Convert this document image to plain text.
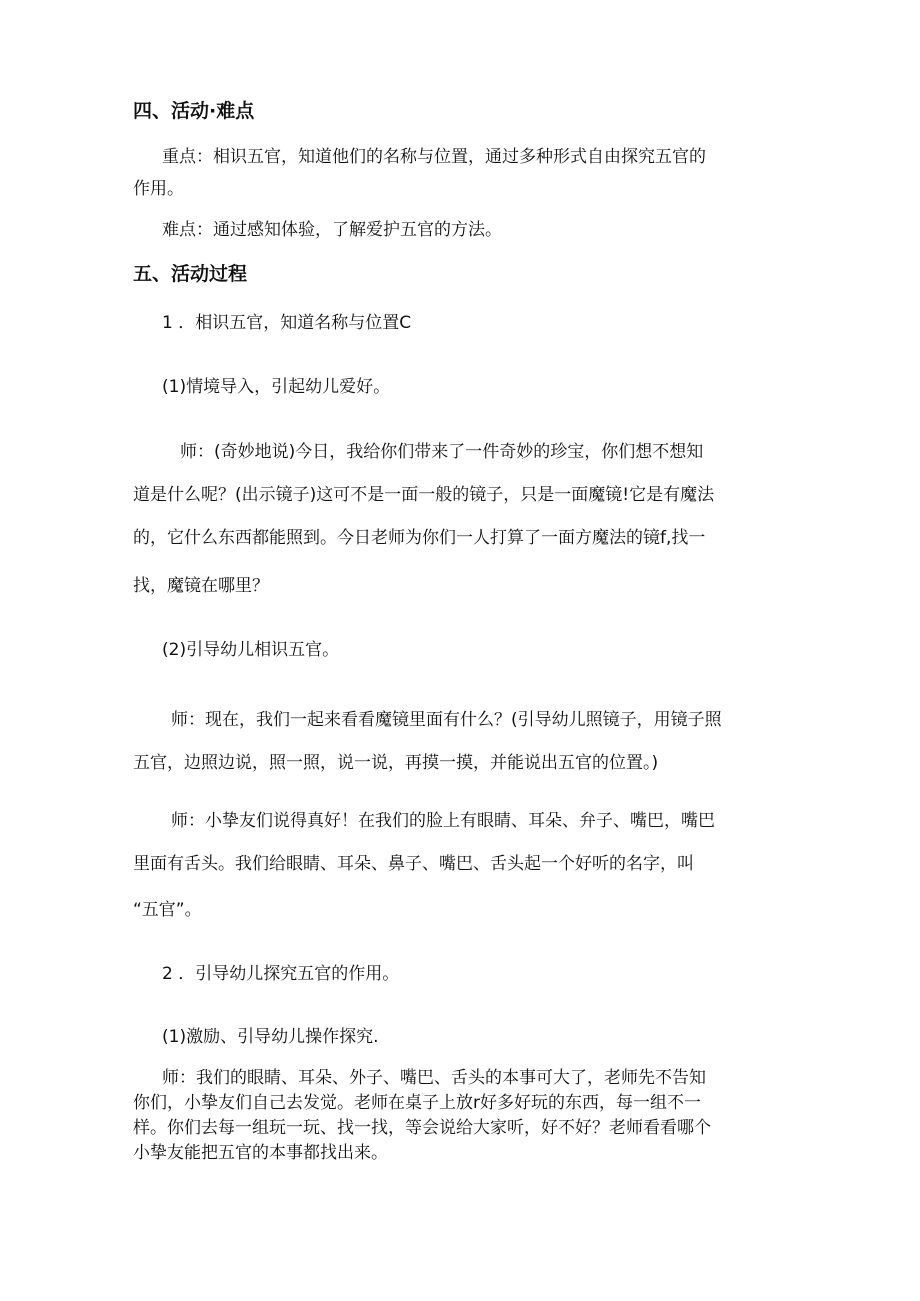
四、活动·难点
重点：相识五官，知道他们的名称与位置，通过多种形式自由探究五官的
作用。
难点：通过感知体验，了解爱护五官的方法。
五、活动过程
1 ．相识五官，知道名称与位置C
(1)情境导入，引起幼儿爱好。
师：(奇妙地说)今日，我给你们带来了一件奇妙的珍宝，你们想不想知
道是什么呢？(出示镜子)这可不是一面一般的镜子，只是一面魔镜!它是有魔法
的，它什么东西都能照到。今日老师为你们一人打算了一面方魔法的镜f,找一
找，魔镜在哪里？
(2)引导幼儿相识五官。
师：现在，我们一起来看看魔镜里面有什么？(引导幼儿照镜子，用镜子照
五官，边照边说，照一照，说一说，再摸一摸，并能说出五官的位置。)
师：小挚友们说得真好！在我们的脸上有眼睛、耳朵、弁子、嘴巴，嘴巴
里面有舌头。我们给眼睛、耳朵、鼻子、嘴巴、舌头起一个好听的名字，叫
“五官”。
2 ．引导幼儿探究五官的作用。
(1)激励、引导幼儿操作探究.
师：我们的眼睛、耳朵、外子、嘴巴、舌头的本事可大了，老师先不告知
你们，小挚友们自己去发觉。老师在桌子上放r好多好玩的东西，每一组不一
样。你们去每一组玩一玩、找一找，等会说给大家听，好不好？老师看看哪个
小挚友能把五官的本事都找出来。
